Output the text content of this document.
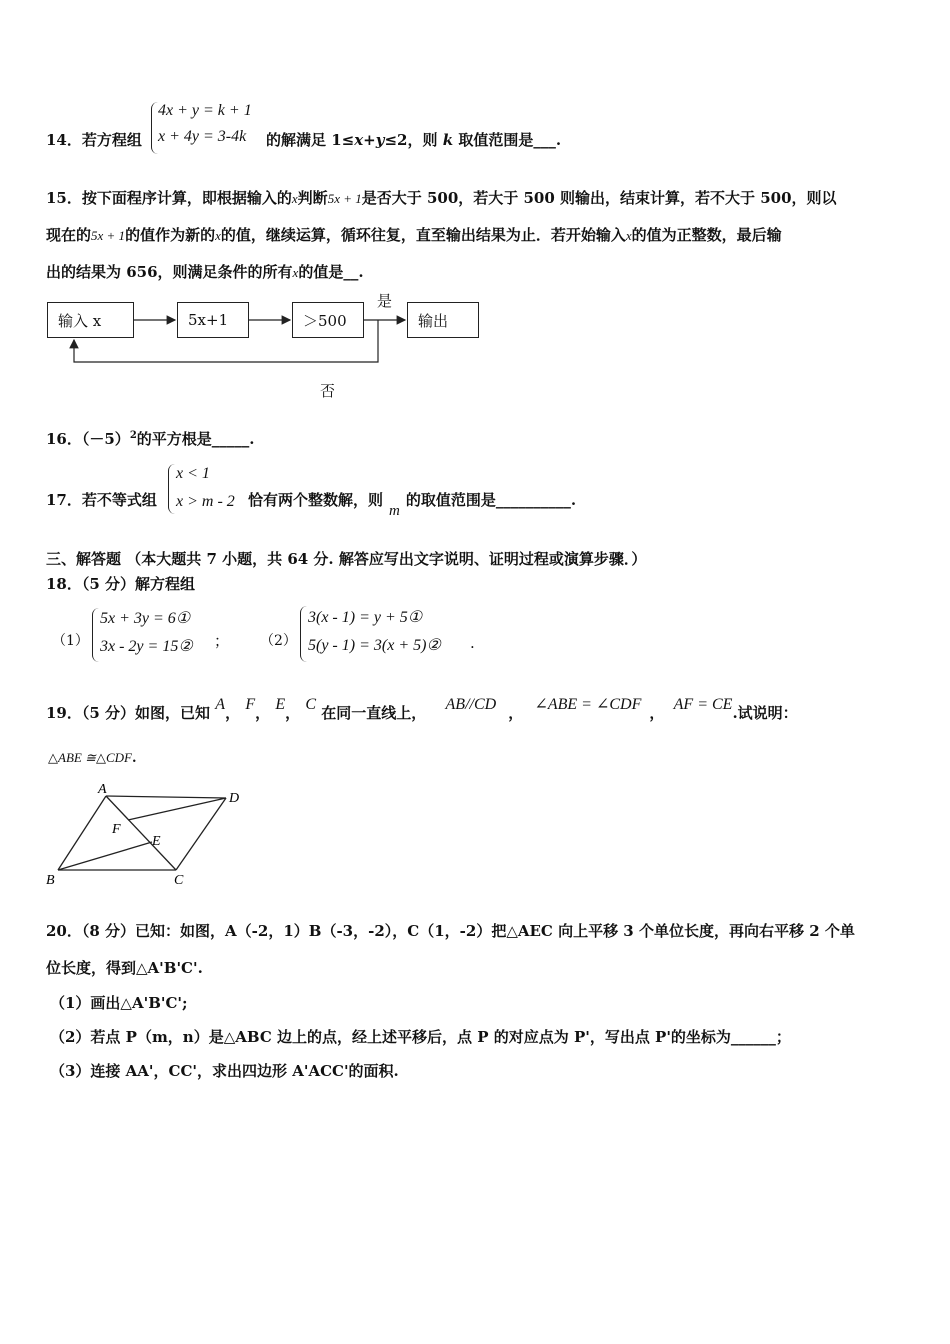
14．若方程组
4x + y = k + 1
x + 4y = 3-4k	的解满足 1≤x+y≤2，则 k 取值范围是___.
15．按下面程序计算，即根据输入的x判断5x + 1是否大于 500，若大于 500 则输出，结束计算，若不大于 500，则以
现在的5x + 1的值作为新的x的值，继续运算，循环往复，直至输出结果为止．若开始输入x的值为正整数，最后输
出的结果为 656，则满足条件的所有x的值是__.
输入 x	5x+1	＞500	输出
是
否
16．$(-5)^2$的平方根是_____.
17．若不等式组
x < 1
x > m - 2 恰有两个整数解，则m的取值范围是__________.
三、解答题 （本大题共 7 小题，共 64 分. 解答应写出文字说明、证明过程或演算步骤．）
18．（5 分）解方程组
（1）
5x + 3y = 6①
3x - 2y = 15② ； （2）
3(x - 1) = y + 5①
5(y - 1) = 3(x + 5)② .
19．（5 分）如图，已知 A， F， E， C 在同一直线上， AB//CD ， ∠ABE = ∠CDF ， AF = CE.试说明：
△ABE ≅△CDF.
A
D
B	C
F
E
20．（8 分）已知：如图，A（-2，1）B（-3，-2），C（1，-2）把△AEC 向上平移 3 个单位长度，再向右平移 2 个单
位长度，得到△A'B'C'.
（1）画出△A'B'C';
（2）若点 P（m，n）是△ABC 边上的点，经上述平移后，点 P 的对应点为 P'，写出点 P'的坐标为______；
（3）连接 AA'，CC'，求出四边形 A'ACC'的面积.
